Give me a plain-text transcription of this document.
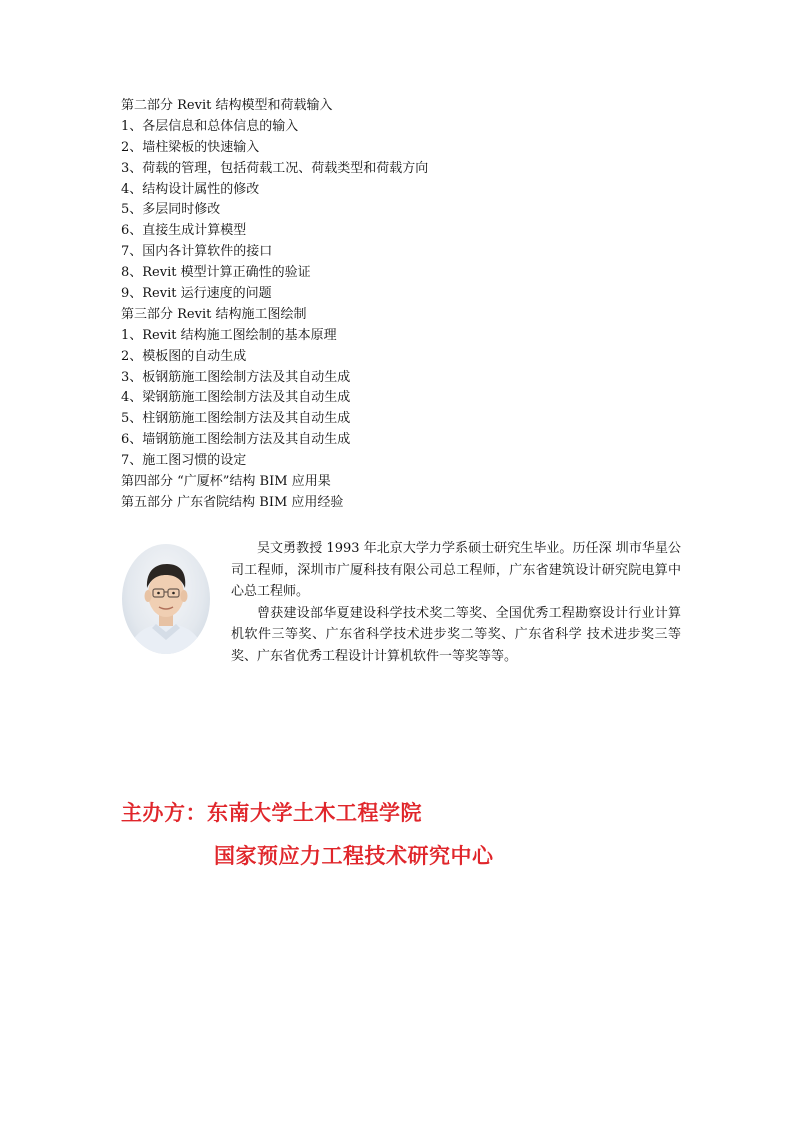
第二部分 Revit 结构模型和荷载输入
1、各层信息和总体信息的输入
2、墙柱梁板的快速输入
3、荷载的管理，包括荷载工况、荷载类型和荷载方向
4、结构设计属性的修改
5、多层同时修改
6、直接生成计算模型
7、国内各计算软件的接口
8、Revit 模型计算正确性的验证
9、Revit 运行速度的问题
第三部分 Revit 结构施工图绘制
1、Revit 结构施工图绘制的基本原理
2、模板图的自动生成
3、板钢筋施工图绘制方法及其自动生成
4、梁钢筋施工图绘制方法及其自动生成
5、柱钢筋施工图绘制方法及其自动生成
6、墙钢筋施工图绘制方法及其自动生成
7、施工图习惯的设定
第四部分 “广厦杯”结构 BIM 应用果
第五部分 广东省院结构 BIM 应用经验

吴文勇教授 1993 年北京大学力学系硕士研究生毕业。历任深 圳市华星公司工程师，深圳市广厦科技有限公司总工程师，广东省建筑设计研究院电算中心总工程师。

曾获建设部华夏建设科学技术奖二等奖、全国优秀工程勘察设计行业计算机软件三等奖、广东省科学技术进步奖二等奖、广东省科学 技术进步奖三等奖、广东省优秀工程设计计算机软件一等奖等等。

主办方：东南大学土木工程学院
国家预应力工程技术研究中心
